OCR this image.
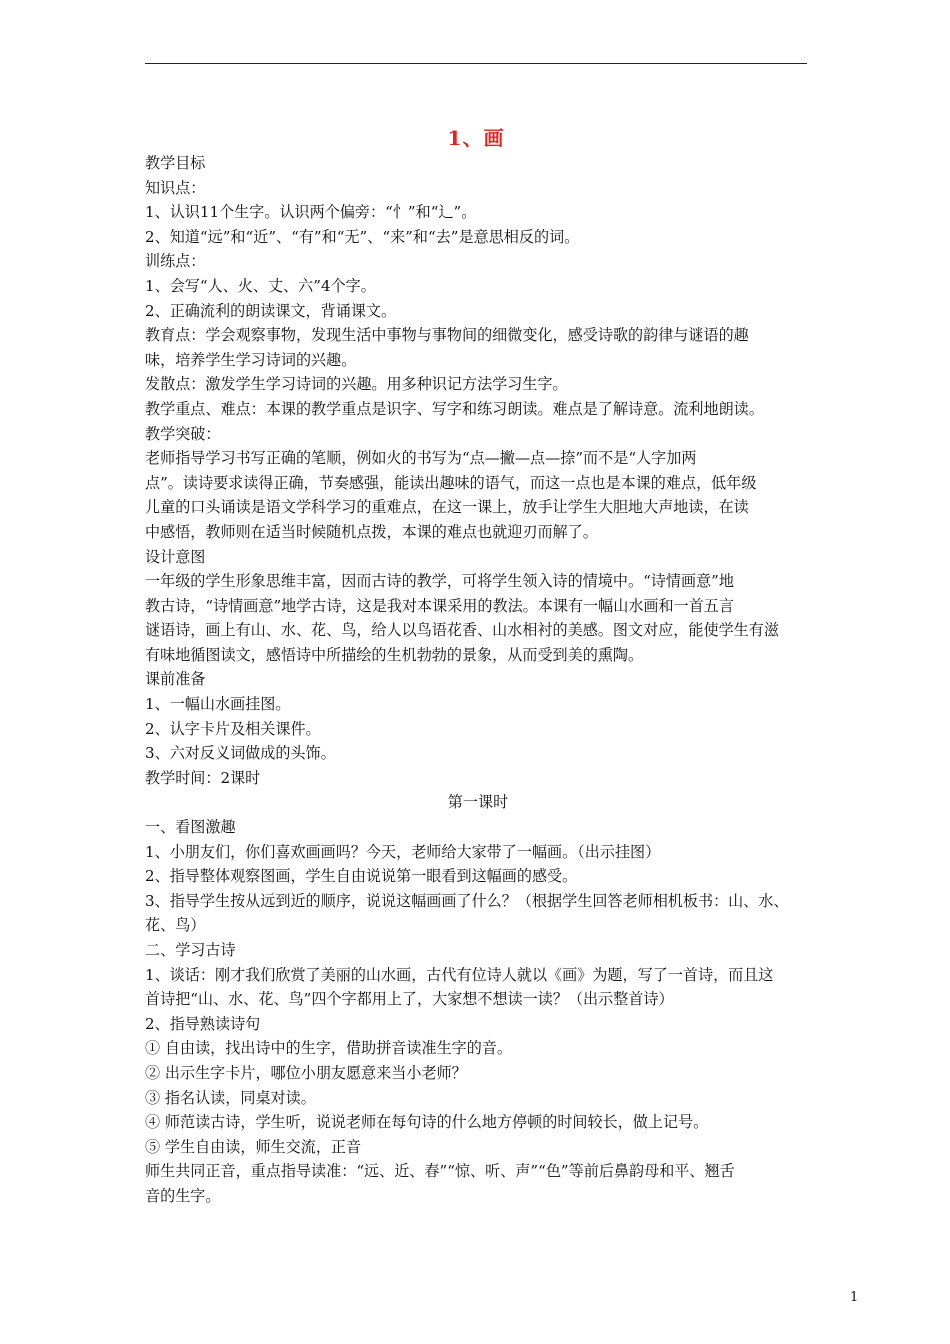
1、画
教学目标
知识点：
1、认识11个生字。认识两个偏旁：“忄”和“辶”。
2、知道“远”和“近”、“有”和“无”、“来”和“去”是意思相反的词。
训练点：
1、会写“人、火、丈、六”4个字。
2、正确流利的朗读课文，背诵课文。
教育点：学会观察事物，发现生活中事物与事物间的细微变化，感受诗歌的韵律与谜语的趣
味，培养学生学习诗词的兴趣。
发散点：激发学生学习诗词的兴趣。用多种识记方法学习生字。
教学重点、难点：本课的教学重点是识字、写字和练习朗读。难点是了解诗意。流利地朗读。
教学突破：
老师指导学习书写正确的笔顺，例如火的书写为“点—撇—点—捺”而不是“人字加两
点”。读诗要求读得正确，节奏感强，能读出趣味的语气，而这一点也是本课的难点，低年级
儿童的口头诵读是语文学科学习的重难点，在这一课上，放手让学生大胆地大声地读，在读
中感悟，教师则在适当时候随机点拨，本课的难点也就迎刃而解了。
设计意图
一年级的学生形象思维丰富，因而古诗的教学，可将学生领入诗的情境中。“诗情画意”地
教古诗，“诗情画意”地学古诗，这是我对本课采用的教法。本课有一幅山水画和一首五言
谜语诗，画上有山、水、花、鸟，给人以鸟语花香、山水相衬的美感。图文对应，能使学生有滋
有味地循图读文，感悟诗中所描绘的生机勃勃的景象，从而受到美的熏陶。
课前准备
1、一幅山水画挂图。
2、认字卡片及相关课件。
3、六对反义词做成的头饰。
教学时间：2课时
第一课时
一、看图激趣
1、小朋友们，你们喜欢画画吗？今天，老师给大家带了一幅画。（出示挂图）
2、指导整体观察图画，学生自由说说第一眼看到这幅画的感受。
3、指导学生按从远到近的顺序，说说这幅画画了什么？（根据学生回答老师相机板书：山、水、
花、鸟）
二、学习古诗
1、谈话：刚才我们欣赏了美丽的山水画，古代有位诗人就以《画》为题，写了一首诗，而且这
首诗把“山、水、花、鸟”四个字都用上了，大家想不想读一读？（出示整首诗）
2、指导熟读诗句
① 自由读，找出诗中的生字，借助拼音读准生字的音。
② 出示生字卡片，哪位小朋友愿意来当小老师？
③ 指名认读，同桌对读。
④ 师范读古诗，学生听，说说老师在每句诗的什么地方停顿的时间较长，做上记号。
⑤ 学生自由读，师生交流，正音
师生共同正音，重点指导读准：“远、近、春”“惊、听、声”“色”等前后鼻韵母和平、翘舌
音的生字。
1
